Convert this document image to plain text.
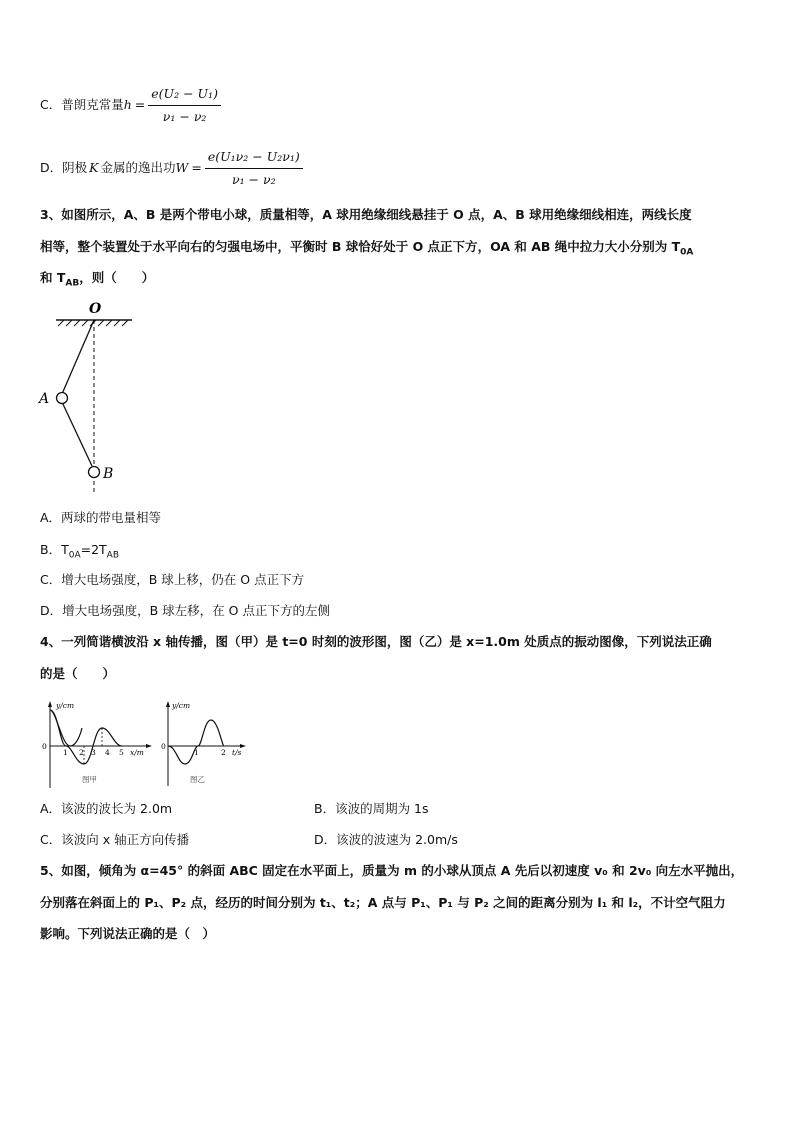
C．普朗克常量$h = \frac{\text{e(U₂ − U₁)}}{\text{ν₁ − ν₂}}$
D．阴极 K 金属的逸出功$W = \frac{\text{e(U₁ν₂ − U₂ν₁)}}{\text{ν₁ − ν₂}}$
3、如图所示，A、B 是两个带电小球，质量相等，A 球用绝缘细线悬挂于 O 点，A、B 球用绝缘细线相连，两线长度
相等，整个装置处于水平向右的匀强电场中，平衡时 B 球恰好处于 O 点正下方，OA 和 AB 绳中拉力大小分别为 $T_{0A}$
和 $T_{AB}$，则（　　）
O
A
B
A．两球的带电量相等
B．$T_{0A}=2T_{AB}$
C．增大电场强度，B 球上移，仍在 O 点正下方
D．增大电场强度，B 球左移，在 O 点正下方的左侧
4、一列简谐横波沿 x 轴传播，图（甲）是 t=0 时刻的波形图，图（乙）是 x=1.0m 处质点的振动图像，下列说法正确
的是（　　）
y/cm
0
1 2 3 4 5 x/m
图甲
y/cm
0
1	2 t/s
图乙
A．该波的波长为 2.0m	B．该波的周期为 1s
C．该波向 x 轴正方向传播	D．该波的波速为 2.0m/s
5、如图，倾角为 α=45° 的斜面 ABC 固定在水平面上，质量为 m 的小球从顶点 A 先后以初速度 v₀ 和 2v₀ 向左水平抛出，
分别落在斜面上的 P₁、P₂ 点，经历的时间分别为 t₁、t₂；A 点与 P₁、P₁ 与 P₂ 之间的距离分别为 l₁ 和 l₂，不计空气阻力
影响。下列说法正确的是（　）
